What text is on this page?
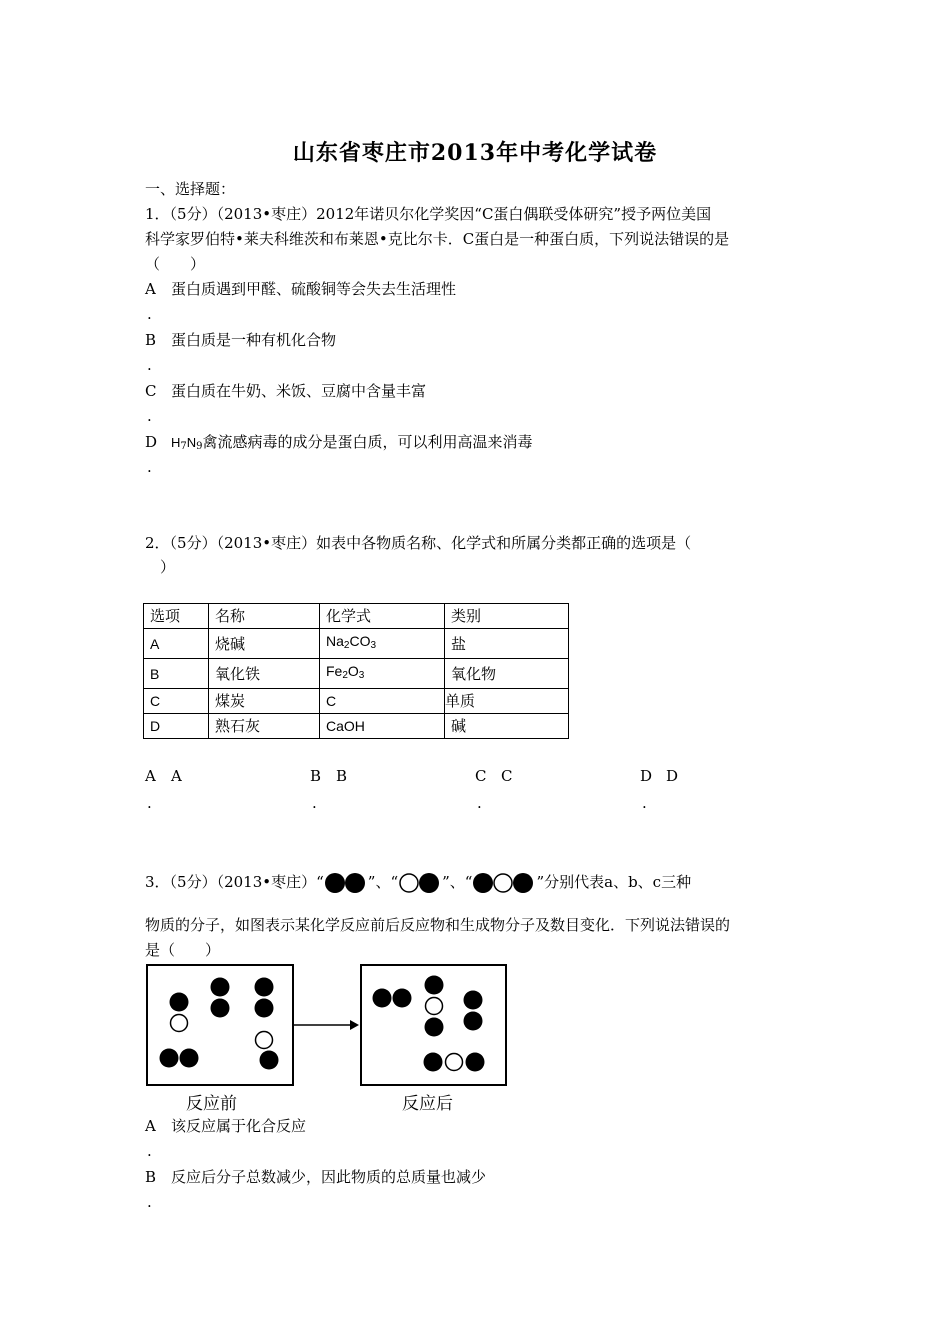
山东省枣庄市2013年中考化学试卷
一、选择题：
1．（5分）（2013•枣庄）2012年诺贝尔化学奖因“C蛋白偶联受体研究”授予两位美国
科学家罗伯特•莱夫科维茨和布莱恩•克比尔卡．C蛋白是一种蛋白质，下列说法错误的是
（　　）
A 蛋白质遇到甲醛、硫酸铜等会失去生活理性
.
B 蛋白质是一种有机化合物
.
C 蛋白质在牛奶、米饭、豆腐中含量丰富
.
D $H_7N_9$禽流感病毒的成分是蛋白质，可以利用高温来消毒
.
2．（5分）（2013•枣庄）如表中各物质名称、化学式和所属分类都正确的选项是（
）
选项	名称	化学式	类别
A	烧碱	$Na_2CO_3$	盐
B	氧化铁	$Fe_2O_3$	氧化物
C	煤炭	C	单质
D	熟石灰	CaOH	碱
A A	B B	C C	D D
.	.	.	.
3．（5分）（2013•枣庄）“	”、“	”、“	”分别代表a、b、c三种
物质的分子，如图表示某化学反应前后反应物和生成物分子及数目变化．下列说法错误的
是（　　）
反应前	反应后
A 该反应属于化合反应
.
B 反应后分子总数减少，因此物质的总质量也减少
.
